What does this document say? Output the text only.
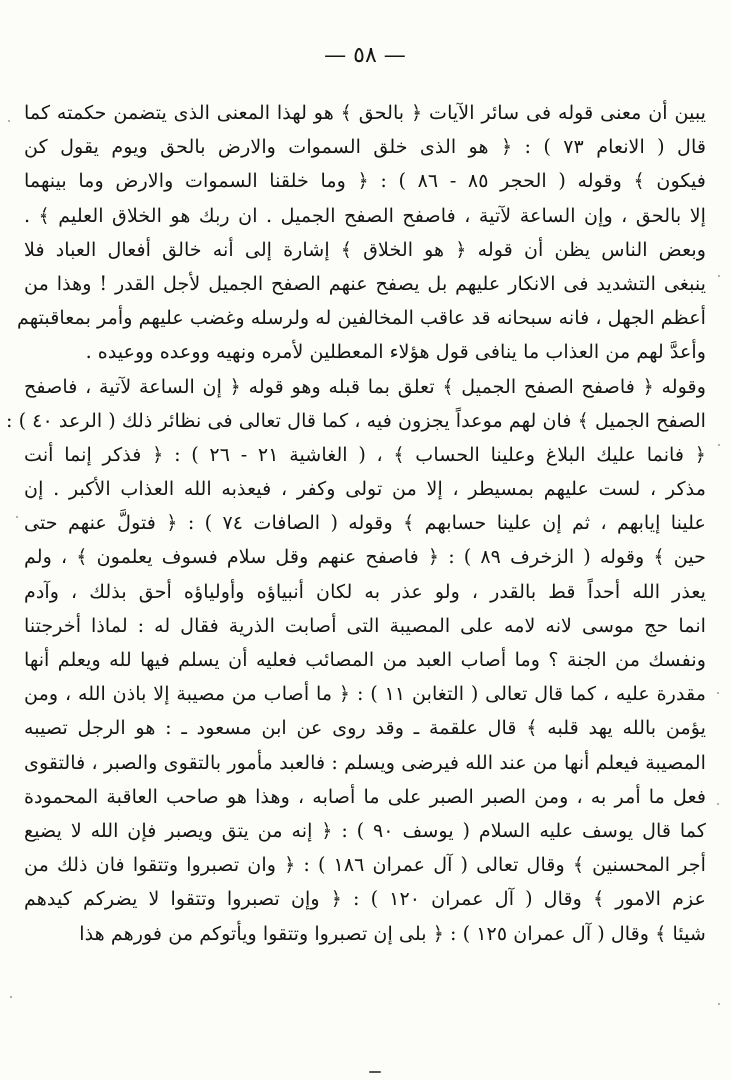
— ٥٨ —
يبين أن معنى قوله فى سائر الآيات ﴿ بالحق ﴾ هو لهذا المعنى الذى يتضمن حكمته كما
قال ( الانعام ٧٣ ) : ﴿ هو الذى خلق السموات والارض بالحق ويوم يقول كن
فيكون ﴾ وقوله ( الحجر ٨٥ - ٨٦ ) : ﴿ وما خلقنا السموات والارض وما بينهما
إلا بالحق ، وإن الساعة لآتية ، فاصفح الصفح الجميل . ان ربك هو الخلاق العليم ﴾ .
وبعض الناس يظن أن قوله ﴿ هو الخلاق ﴾ إشارة إلى أنه خالق أفعال العباد فلا
ينبغى التشديد فى الانكار عليهم بل يصفح عنهم الصفح الجميل لأجل القدر ! وهذا من
أعظم الجهل ، فانه سبحانه قد عاقب المخالفين له ولرسله وغضب عليهم وأمر بمعاقبتهم
وأعدَّ لهم من العذاب ما ينافى قول هؤلاء المعطلين لأمره ونهيه ووعده ووعيده .
وقوله ﴿ فاصفح الصفح الجميل ﴾ تعلق بما قبله وهو قوله ﴿ إن الساعة لآتية ، فاصفح
الصفح الجميل ﴾ فان لهم موعداً يجزون فيه ، كما قال تعالى فى نظائر ذلك ( الرعد ٤٠ ) :
﴿ فانما عليك البلاغ وعلينا الحساب ﴾ ، ( الغاشية ٢١ - ٢٦ ) : ﴿ فذكر إنما أنت
مذكر ، لست عليهم بمسيطر ، إلا من تولى وكفر ، فيعذبه الله العذاب الأكبر . إن
علينا إيابهم ، ثم إن علينا حسابهم ﴾ وقوله ( الصافات ٧٤ ) : ﴿ فتولَّ عنهم حتى
حين ﴾ وقوله ( الزخرف ٨٩ ) : ﴿ فاصفح عنهم وقل سلام فسوف يعلمون ﴾ ، ولم
يعذر الله أحداً قط بالقدر ، ولو عذر به لكان أنبياؤه وأولياؤه أحق بذلك ، وآدم
انما حج موسى لانه لامه على المصيبة التى أصابت الذرية فقال له : لماذا أخرجتنا
ونفسك من الجنة ؟ وما أصاب العبد من المصائب فعليه أن يسلم فيها لله ويعلم أنها
مقدرة عليه ، كما قال تعالى ( التغابن ١١ ) : ﴿ ما أصاب من مصيبة إلا باذن الله ، ومن
يؤمن بالله يهد قلبه ﴾ قال علقمة ـ وقد روى عن ابن مسعود ـ : هو الرجل تصيبه
المصيبة فيعلم أنها من عند الله فيرضى ويسلم : فالعبد مأمور بالتقوى والصبر ، فالتقوى
فعل ما أمر به ، ومن الصبر الصبر على ما أصابه ، وهذا هو صاحب العاقبة المحمودة
كما قال يوسف عليه السلام ( يوسف ٩٠ ) : ﴿ إنه من يتق ويصبر فإن الله لا يضيع
أجر المحسنين ﴾ وقال تعالى ( آل عمران ١٨٦ ) : ﴿ وان تصبروا وتتقوا فان ذلك من
عزم الامور ﴾ وقال ( آل عمران ١٢٠ ) : ﴿ وإن تصبروا وتتقوا لا يضركم كيدهم
شيئا ﴾ وقال ( آل عمران ١٢٥ ) : ﴿ بلى إن تصبروا وتتقوا ويأتوكم من فورهم هذا
